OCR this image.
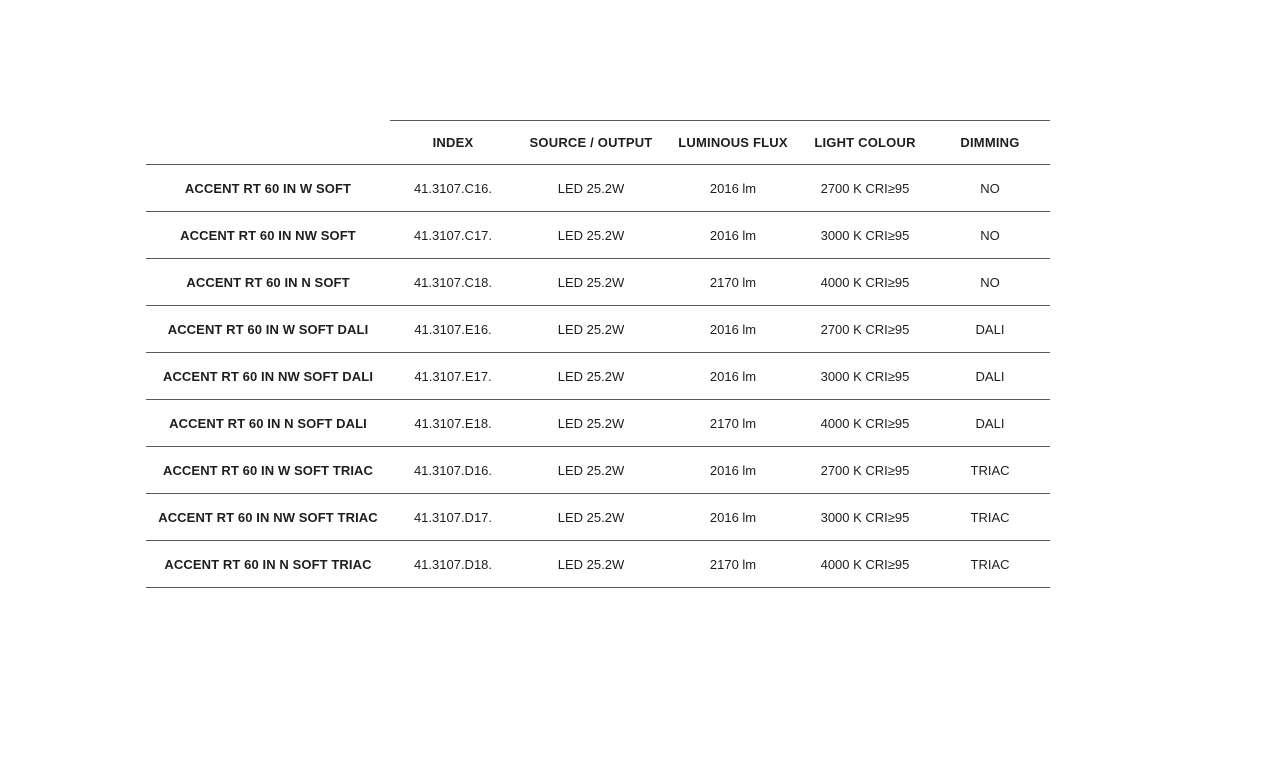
	INDEX	SOURCE / OUTPUT	LUMINOUS FLUX	LIGHT COLOUR	DIMMING
ACCENT RT 60 IN W SOFT	41.3107.C16.	LED 25.2W	2016 lm	2700 K CRI≥95	NO
ACCENT RT 60 IN NW SOFT	41.3107.C17.	LED 25.2W	2016 lm	3000 K CRI≥95	NO
ACCENT RT 60 IN N SOFT	41.3107.C18.	LED 25.2W	2170 lm	4000 K CRI≥95	NO
ACCENT RT 60 IN W SOFT DALI	41.3107.E16.	LED 25.2W	2016 lm	2700 K CRI≥95	DALI
ACCENT RT 60 IN NW SOFT DALI	41.3107.E17.	LED 25.2W	2016 lm	3000 K CRI≥95	DALI
ACCENT RT 60 IN N SOFT DALI	41.3107.E18.	LED 25.2W	2170 lm	4000 K CRI≥95	DALI
ACCENT RT 60 IN W SOFT TRIAC	41.3107.D16.	LED 25.2W	2016 lm	2700 K CRI≥95	TRIAC
ACCENT RT 60 IN NW SOFT TRIAC	41.3107.D17.	LED 25.2W	2016 lm	3000 K CRI≥95	TRIAC
ACCENT RT 60 IN N SOFT TRIAC	41.3107.D18.	LED 25.2W	2170 lm	4000 K CRI≥95	TRIAC
